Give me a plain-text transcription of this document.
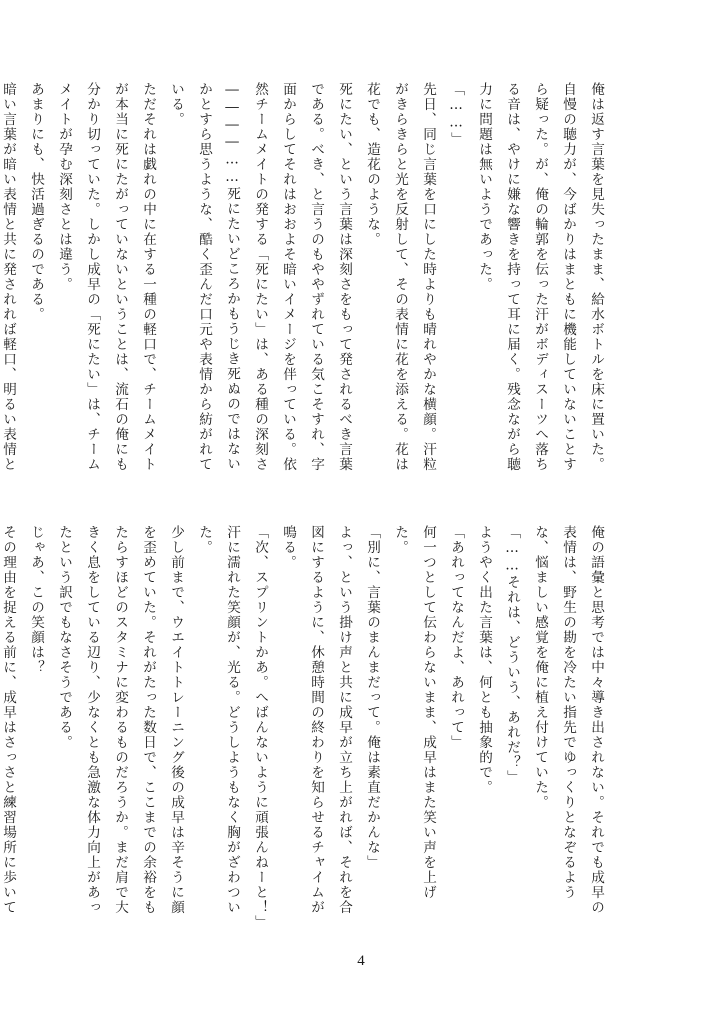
俺は返す言葉を見失ったまま、給水ボトルを床に置いた。自慢の聴力が、今ばかりはまともに機能していないことすら疑った。が、俺の輪郭を伝った汗がボディスーツへ落ちる音は、やけに嫌な響きを持って耳に届く。残念ながら聴力に問題は無いようであった。

「……」

先日、同じ言葉を口にした時よりも晴れやかな横顔。汗粒がきらきらと光を反射して、その表情に花を添える。花は花でも、造花のような。

死にたい、という言葉は深刻さをもって発されるべき言葉である。べき、と言うのもややずれている気こそすれ、字面からしてそれはおおよそ暗いイメージを伴っている。依然チームメイトの発する「死にたい」は、ある種の深刻さ――――……死にたいどころかもうじき死ぬのではないかとすら思うような、酷く歪んだ口元や表情から紡がれている。

ただそれは戯れの中に在する一種の軽口で、チームメイトが本当に死にたがっていないということは、流石の俺にも分かり切っていた。しかし成早の「死にたい」は、チームメイトが孕む深刻さとは違う。

あまりにも、快活過ぎるのである。

暗い言葉が暗い表情と共に発されれば軽口、明るい表情と

俺の語彙と思考では中々導き出されない。それでも成早の表情は、野生の勘を冷たい指先でゆっくりとなぞるような、悩ましい感覚を俺に植え付けていた。

「……それは、どういう、あれだ？」

ようやく出た言葉は、何とも抽象的で。

「あれってなんだよ、あれって」

何一つとして伝わらないまま、成早はまた笑い声を上げた。

「別に、言葉のまんまだって。俺は素直だかんな」

よっ、という掛け声と共に成早が立ち上がれば、それを合図にするように、休憩時間の終わりを知らせるチャイムが鳴る。

「次、スプリントかあ。へばんないように頑張んねーと！」

汗に濡れた笑顔が、光る。どうしようもなく胸がざわついた。

少し前まで、ウエイトトレーニング後の成早は辛そうに顔を歪めていた。それがたった数日で、ここまでの余裕をもたらすほどのスタミナに変わるものだろうか。まだ肩で大きく息をしている辺り、少なくとも急激な体力向上があったという訳でもなさそうである。

じゃあ、この笑顔は？

その理由を捉える前に、成早はさっさと練習場所に歩いて

4
